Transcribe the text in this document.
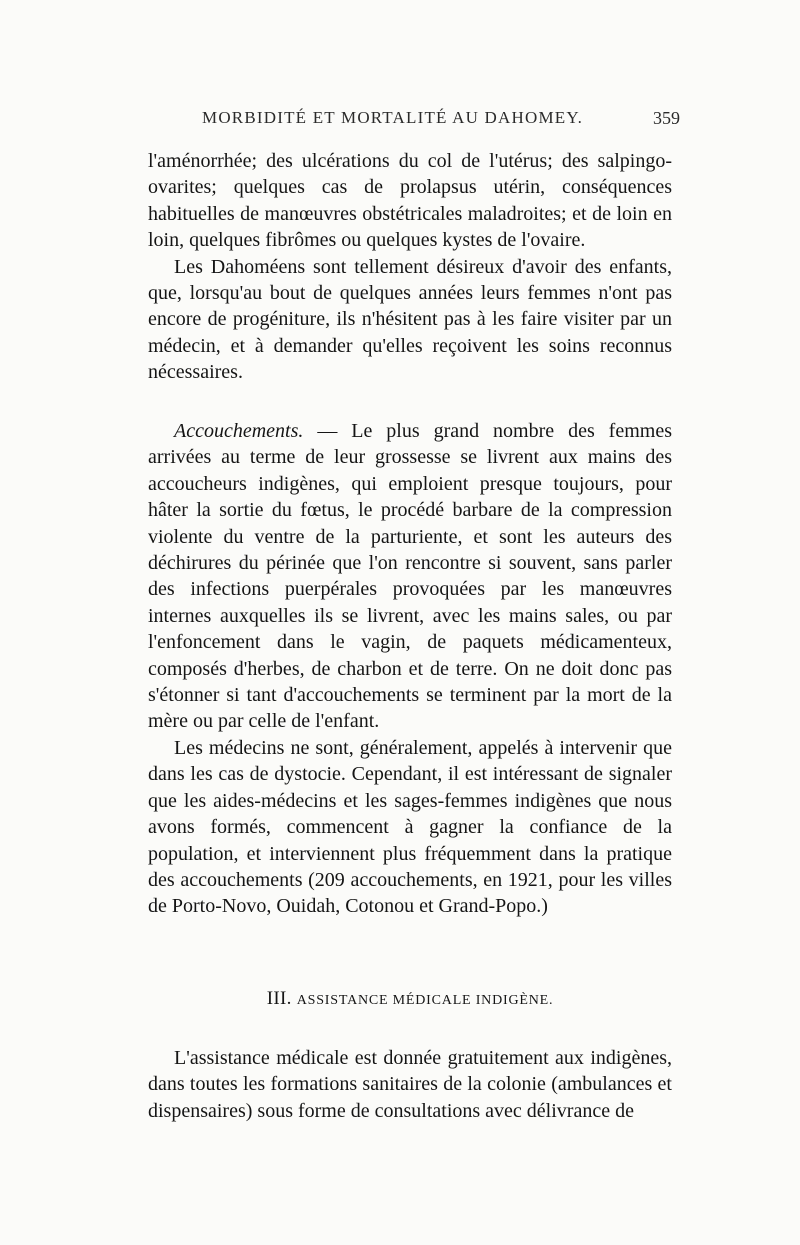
MORBIDITÉ ET MORTALITÉ AU DAHOMEY.	359

l'aménorrhée; des ulcérations du col de l'utérus; des salpingo-ovarites; quelques cas de prolapsus utérin, conséquences habituelles de manœuvres obstétricales maladroites; et de loin en loin, quelques fibrômes ou quelques kystes de l'ovaire.

Les Dahoméens sont tellement désireux d'avoir des enfants, que, lorsqu'au bout de quelques années leurs femmes n'ont pas encore de progéniture, ils n'hésitent pas à les faire visiter par un médecin, et à demander qu'elles reçoivent les soins reconnus nécessaires.

Accouchements. — Le plus grand nombre des femmes arrivées au terme de leur grossesse se livrent aux mains des accoucheurs indigènes, qui emploient presque toujours, pour hâter la sortie du fœtus, le procédé barbare de la compression violente du ventre de la parturiente, et sont les auteurs des déchirures du périnée que l'on rencontre si souvent, sans parler des infections puerpérales provoquées par les manœuvres internes auxquelles ils se livrent, avec les mains sales, ou par l'enfoncement dans le vagin, de paquets médicamenteux, composés d'herbes, de charbon et de terre. On ne doit donc pas s'étonner si tant d'accouchements se terminent par la mort de la mère ou par celle de l'enfant.

Les médecins ne sont, généralement, appelés à intervenir que dans les cas de dystocie. Cependant, il est intéressant de signaler que les aides-médecins et les sages-femmes indigènes que nous avons formés, commencent à gagner la confiance de la population, et interviennent plus fréquemment dans la pratique des accouchements (209 accouchements, en 1921, pour les villes de Porto-Novo, Ouidah, Cotonou et Grand-Popo.)

III. ASSISTANCE MÉDICALE INDIGÈNE.

L'assistance médicale est donnée gratuitement aux indigènes, dans toutes les formations sanitaires de la colonie (ambulances et dispensaires) sous forme de consultations avec délivrance de
